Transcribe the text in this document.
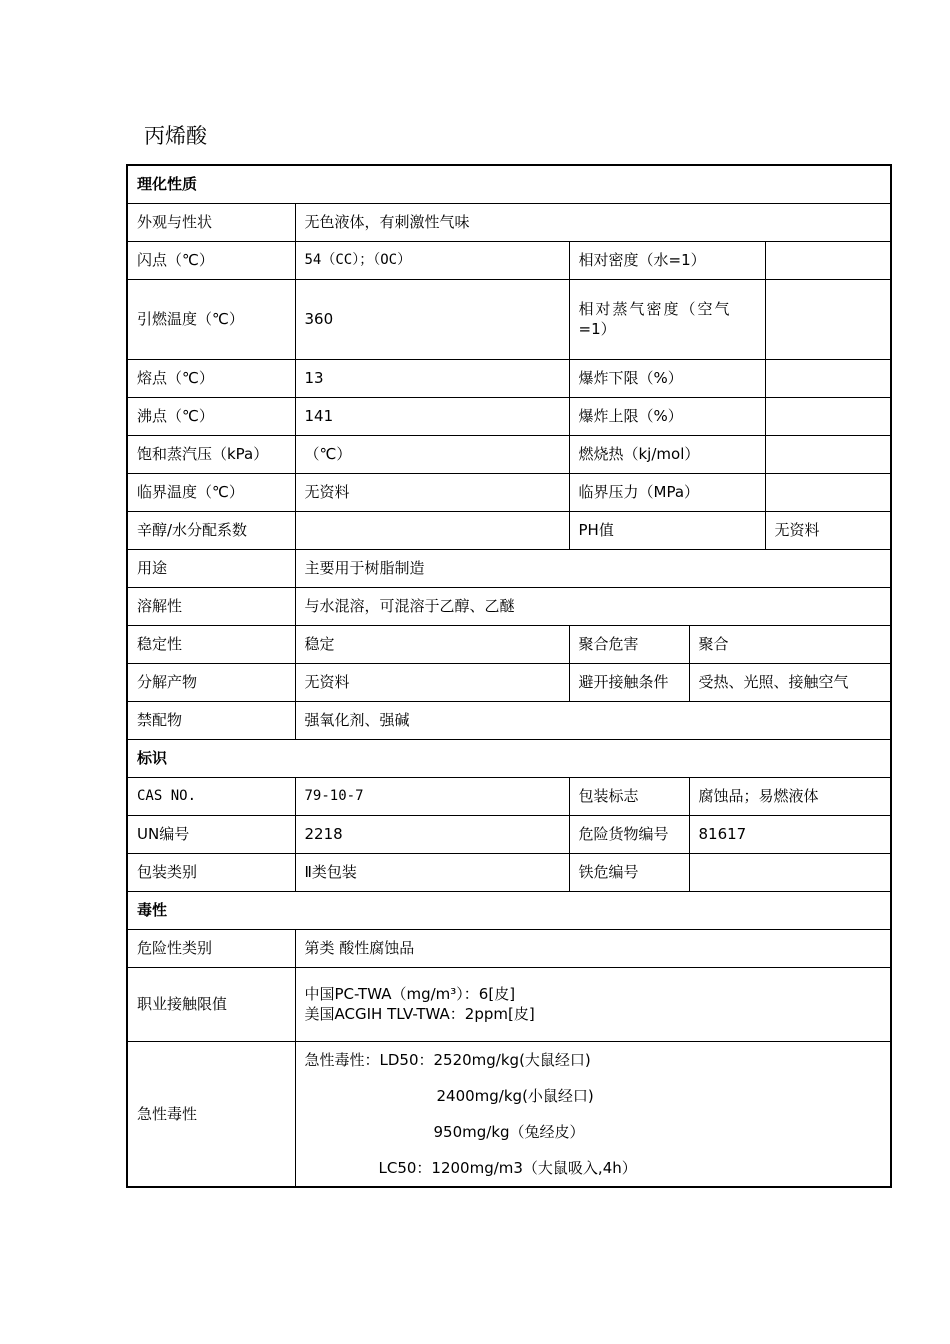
丙烯酸
理化性质				
外观与性状	无色液体，有刺激性气味			
闪点（℃）	54（CC）；（OC）	相对密度（水=1）		
引燃温度（℃）	360	相对蒸气密度（空气
=1）		

熔点（℃）	13	爆炸下限（%）		
沸点（℃）	141	爆炸上限（%）		
饱和蒸汽压（kPa）	（℃）	燃烧热（kj/mol）		
临界温度（℃）	无资料	临界压力（MPa）		
辛醇/水分配系数		PH值		无资料
用途	主要用于树脂制造			
溶解性	与水混溶，可混溶于乙醇、乙醚			
稳定性	稳定	聚合危害	聚合	
分解产物	无资料	避开接触条件	受热、光照、接触空气	
禁配物	强氧化剂、强碱			
标识				
CAS NO.	79-10-7	包装标志	腐蚀品；易燃液体	
UN编号	2218	危险货物编号	81617	
包装类别	Ⅱ类包装	铁危编号		
毒性				
危险性类别	第类 酸性腐蚀品			
职业接触限值	中国PC-TWA（mg/m³）：6[皮]
美国ACGIH TLV-TWA：2ppm[皮]			

急性毒性	急性毒性：LD50：2520mg/kg(大鼠经口)
2400mg/kg(小鼠经口)
950mg/kg（兔经皮）
LC50：1200mg/m3（大鼠吸入,4h）			
